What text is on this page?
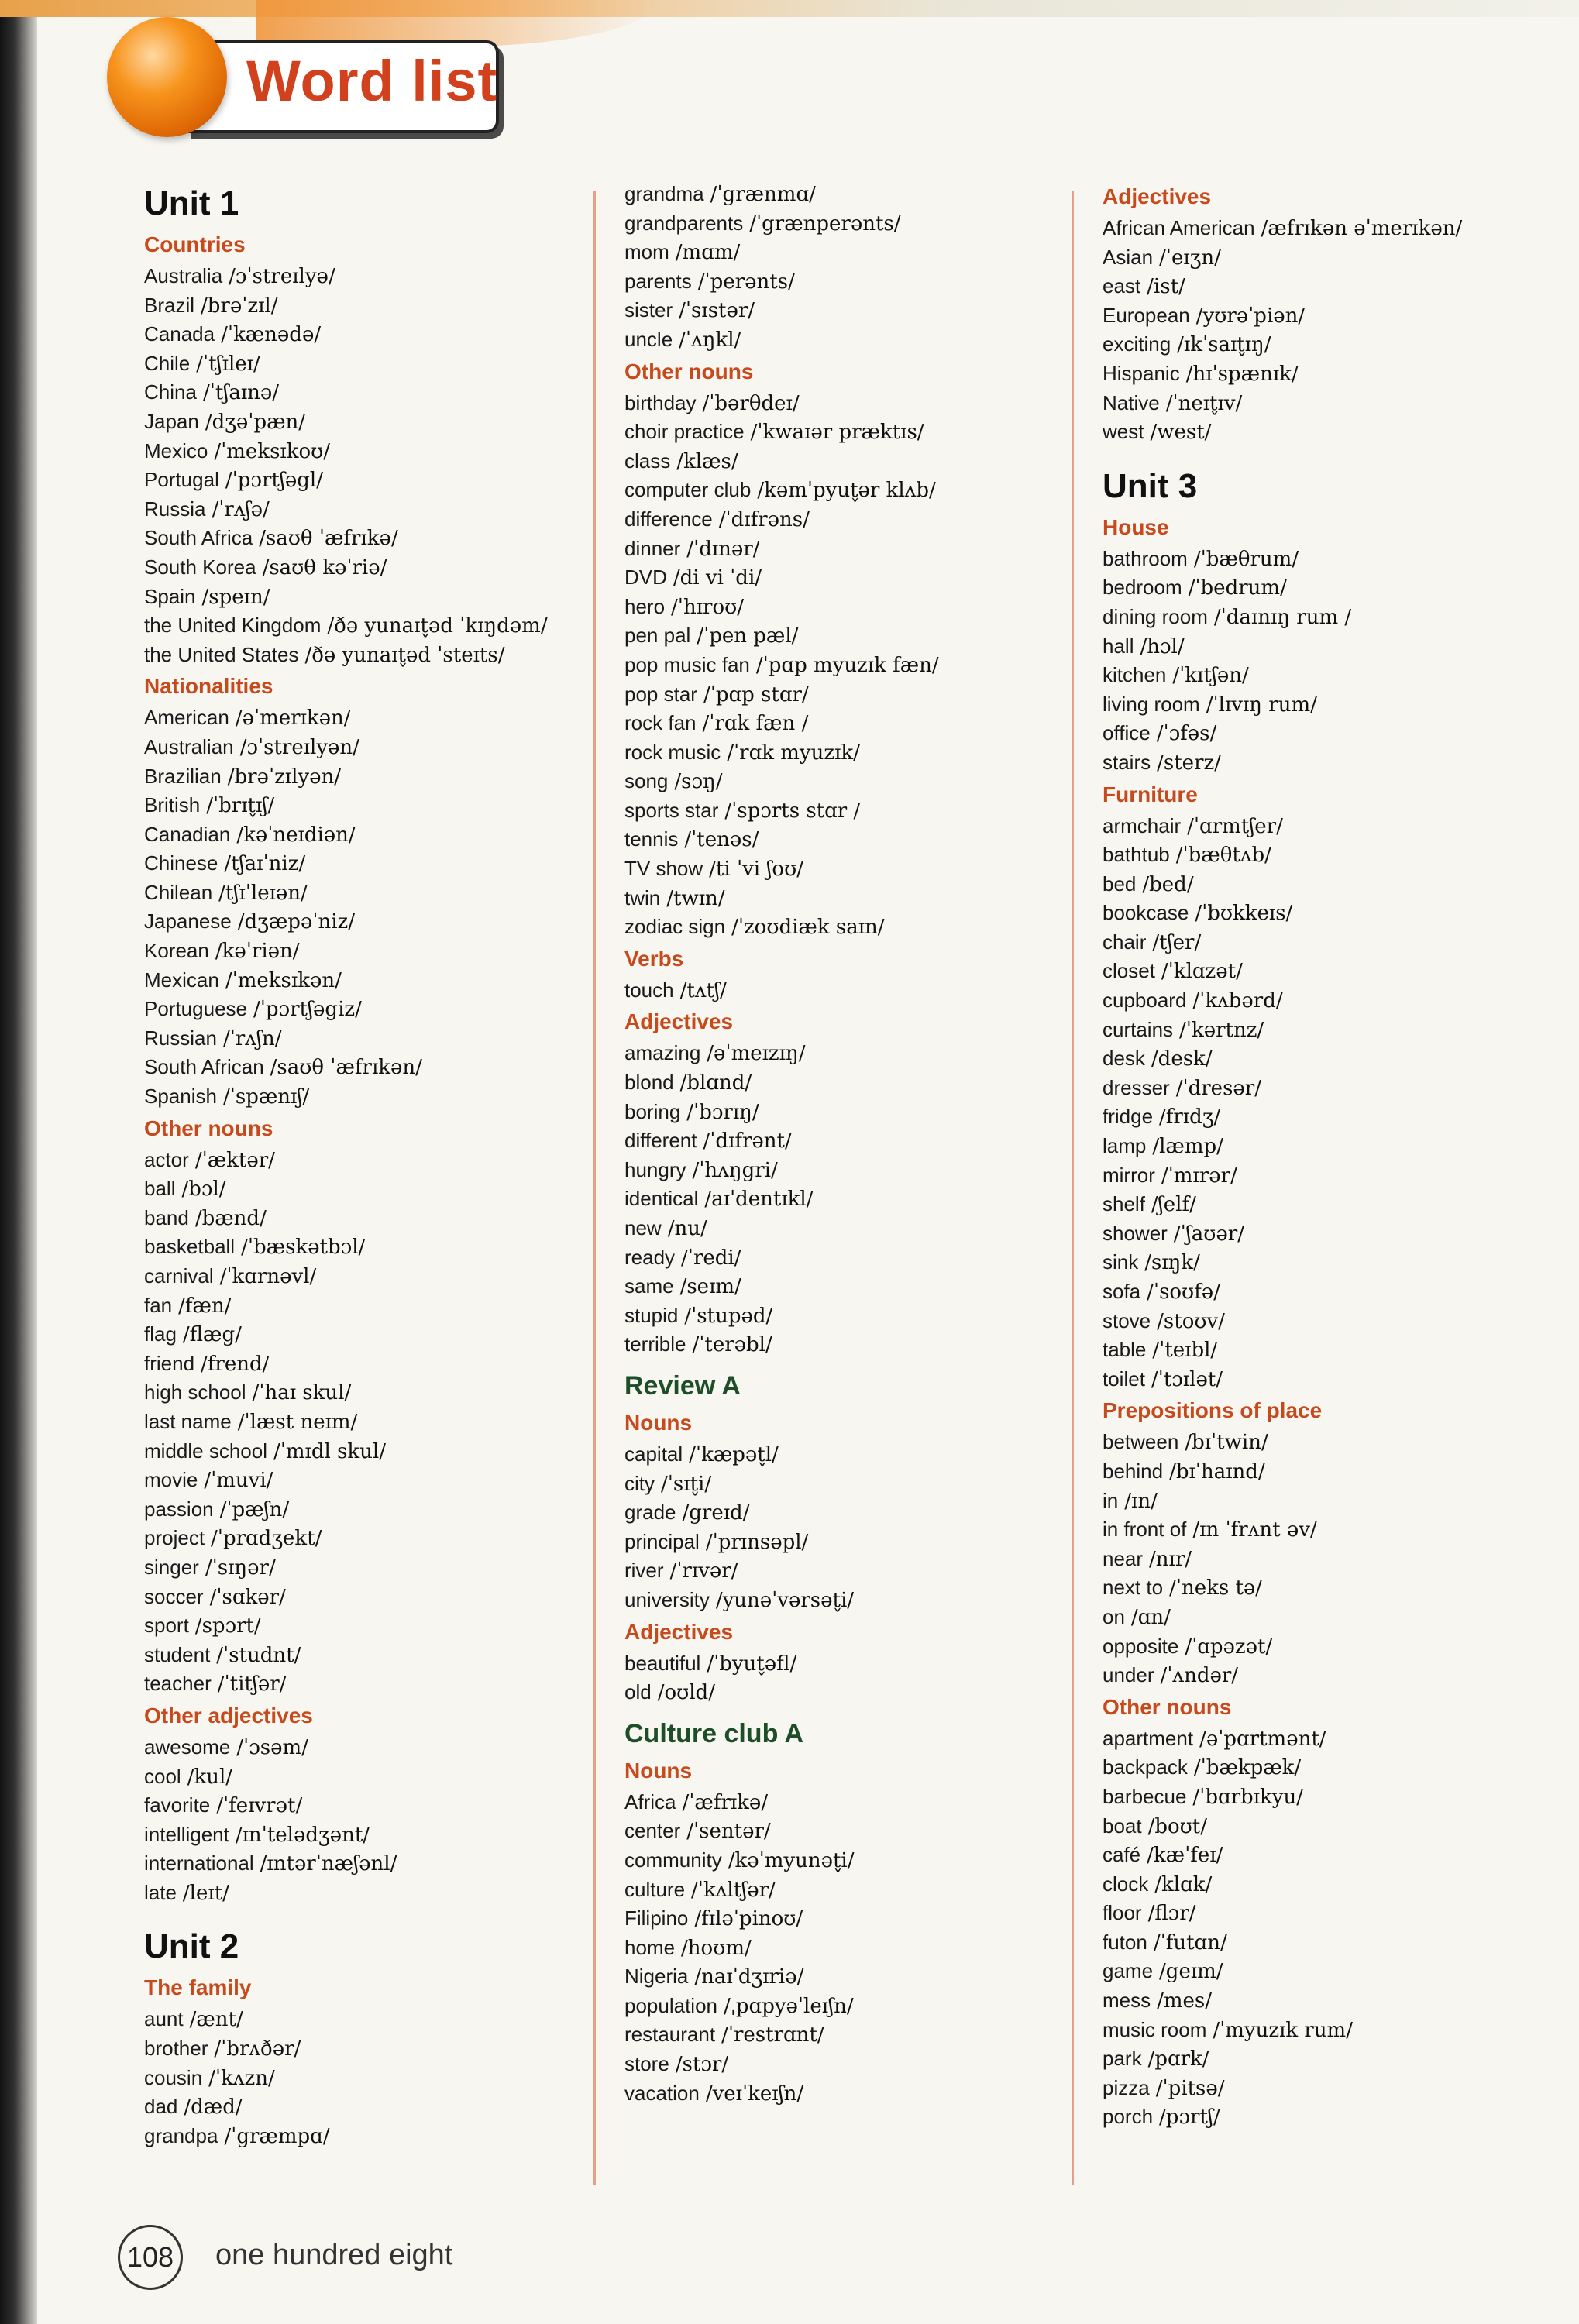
Word list
Unit 1
Countries
Australia /ɔˈstreɪlyə/
Brazil /brəˈzɪl/
Canada /ˈkænədə/
Chile /ˈtʃɪleɪ/
China /ˈtʃaɪnə/
Japan /dʒəˈpæn/
Mexico /ˈmeksɪkoʊ/
Portugal /ˈpɔrtʃəgl/
Russia /ˈrʌʃə/
South Africa /saʊθ ˈæfrɪkə/
South Korea /saʊθ kəˈriə/
Spain /speɪn/
the United Kingdom /ðə yunaɪt̬əd ˈkɪŋdəm/
the United States /ðə yunaɪt̬əd ˈsteɪts/
Nationalities
American /əˈmerɪkən/
Australian /ɔˈstreɪlyən/
Brazilian /brəˈzɪlyən/
British /ˈbrɪt̬ɪʃ/
Canadian /kəˈneɪdiən/
Chinese /tʃaɪˈniz/
Chilean /tʃɪˈleɪən/
Japanese /dʒæpəˈniz/
Korean /kəˈriən/
Mexican /ˈmeksɪkən/
Portuguese /ˈpɔrtʃəgiz/
Russian /ˈrʌʃn/
South African /saʊθ ˈæfrɪkən/
Spanish /ˈspænɪʃ/
Other nouns
actor /ˈæktər/
ball /bɔl/
band /bænd/
basketball /ˈbæskətbɔl/
carnival /ˈkɑrnəvl/
fan /fæn/
flag /flæg/
friend /frend/
high school /ˈhaɪ skul/
last name /ˈlæst neɪm/
middle school /ˈmɪdl skul/
movie /ˈmuvi/
passion /ˈpæʃn/
project /ˈprɑdʒekt/
singer /ˈsɪŋər/
soccer /ˈsɑkər/
sport /spɔrt/
student /ˈstudnt/
teacher /ˈtitʃər/
Other adjectives
awesome /ˈɔsəm/
cool /kul/
favorite /ˈfeɪvrət/
intelligent /ɪnˈtelədʒənt/
international /ɪntərˈnæʃənl/
late /leɪt/
Unit 2
The family
aunt /ænt/
brother /ˈbrʌðər/
cousin /ˈkʌzn/
dad /dæd/
grandpa /ˈgræmpɑ/
grandma /ˈgrænmɑ/
grandparents /ˈgrænperənts/
mom /mɑm/
parents /ˈperənts/
sister /ˈsɪstər/
uncle /ˈʌŋkl/
Other nouns
birthday /ˈbərθdeɪ/
choir practice /ˈkwaɪər præktɪs/
class /klæs/
computer club /kəmˈpyut̬ər klʌb/
difference /ˈdɪfrəns/
dinner /ˈdɪnər/
DVD /di vi ˈdi/
hero /ˈhɪroʊ/
pen pal /ˈpen pæl/
pop music fan /ˈpɑp myuzɪk fæn/
pop star /ˈpɑp stɑr/
rock fan /ˈrɑk fæn /
rock music /ˈrɑk myuzɪk/
song /sɔŋ/
sports star /ˈspɔrts stɑr /
tennis /ˈtenəs/
TV show /ti ˈvi ʃoʊ/
twin /twɪn/
zodiac sign /ˈzoʊdiæk saɪn/
Verbs
touch /tʌtʃ/
Adjectives
amazing /əˈmeɪzɪŋ/
blond /blɑnd/
boring /ˈbɔrɪŋ/
different /ˈdɪfrənt/
hungry /ˈhʌŋgri/
identical /aɪˈdentɪkl/
new /nu/
ready /ˈredi/
same /seɪm/
stupid /ˈstupəd/
terrible /ˈterəbl/
Review A
Nouns
capital /ˈkæpət̬l/
city /ˈsɪt̬i/
grade /greɪd/
principal /ˈprɪnsəpl/
river /ˈrɪvər/
university /yunəˈvərsət̬i/
Adjectives
beautiful /ˈbyut̬əfl/
old /oʊld/
Culture club A
Nouns
Africa /ˈæfrɪkə/
center /ˈsentər/
community /kəˈmyunət̬i/
culture /ˈkʌltʃər/
Filipino /fɪləˈpinoʊ/
home /hoʊm/
Nigeria /naɪˈdʒɪriə/
population /ˌpɑpyəˈleɪʃn/
restaurant /ˈrestrɑnt/
store /stɔr/
vacation /veɪˈkeɪʃn/
Adjectives
African American /æfrɪkən əˈmerɪkən/
Asian /ˈeɪʒn/
east /ist/
European /yʊrəˈpiən/
exciting /ɪkˈsaɪt̬ɪŋ/
Hispanic /hɪˈspænɪk/
Native /ˈneɪt̬ɪv/
west /west/
Unit 3
House
bathroom /ˈbæθrum/
bedroom /ˈbedrum/
dining room /ˈdaɪnɪŋ rum /
hall /hɔl/
kitchen /ˈkɪtʃən/
living room /ˈlɪvɪŋ rum/
office /ˈɔfəs/
stairs /sterz/
Furniture
armchair /ˈɑrmtʃer/
bathtub /ˈbæθtʌb/
bed /bed/
bookcase /ˈbʊkkeɪs/
chair /tʃer/
closet /ˈklɑzət/
cupboard /ˈkʌbərd/
curtains /ˈkərtnz/
desk /desk/
dresser /ˈdresər/
fridge /frɪdʒ/
lamp /læmp/
mirror /ˈmɪrər/
shelf /ʃelf/
shower /ˈʃaʊər/
sink /sɪŋk/
sofa /ˈsoʊfə/
stove /stoʊv/
table /ˈteɪbl/
toilet /ˈtɔɪlət/
Prepositions of place
between /bɪˈtwin/
behind /bɪˈhaɪnd/
in /ɪn/
in front of /ɪn ˈfrʌnt əv/
near /nɪr/
next to /ˈneks tə/
on /ɑn/
opposite /ˈɑpəzət/
under /ˈʌndər/
Other nouns
apartment /əˈpɑrtmənt/
backpack /ˈbækpæk/
barbecue /ˈbɑrbɪkyu/
boat /boʊt/
café /kæˈfeɪ/
clock /klɑk/
floor /flɔr/
futon /ˈfutɑn/
game /geɪm/
mess /mes/
music room /ˈmyuzɪk rum/
park /pɑrk/
pizza /ˈpitsə/
porch /pɔrtʃ/
108	one hundred eight
